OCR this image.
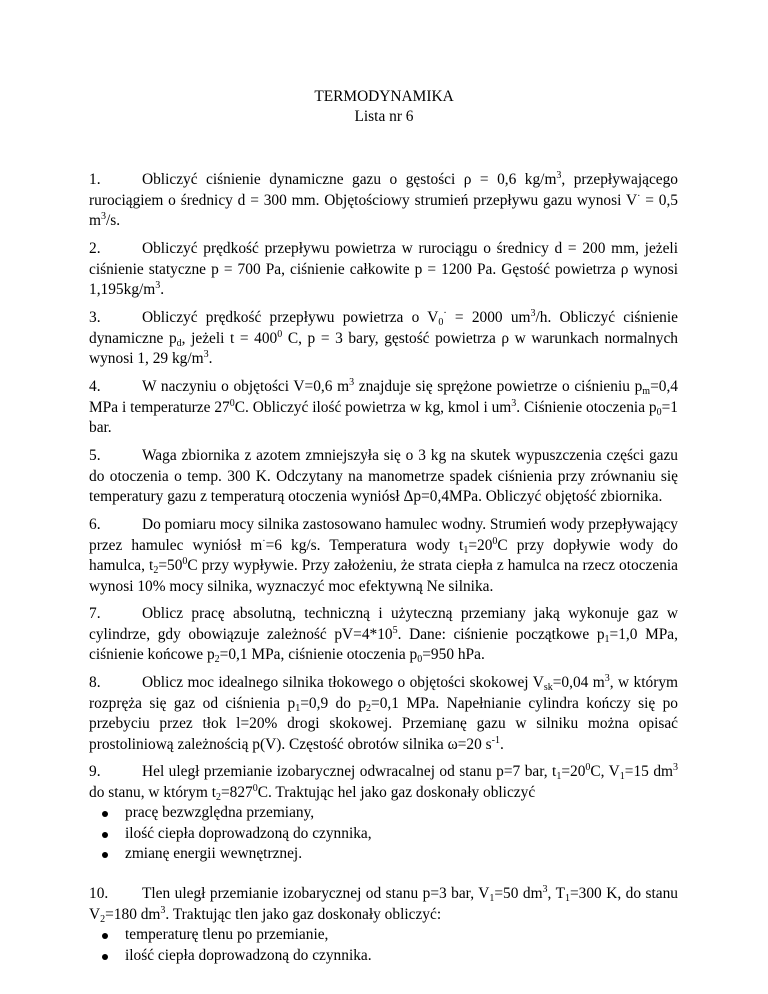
TERMODYNAMIKA
Lista nr 6
1.	Obliczyć ciśnienie dynamiczne gazu o gęstości ρ = 0,6 $kg/m^3$, przepływającego rurociągiem o średnicy d = 300 mm. Objętościowy strumień przepływu gazu wynosi V· = 0,5 $m^3/s$.
2.	Obliczyć prędkość przepływu powietrza w rurociągu o średnicy d = 200 mm, jeżeli ciśnienie statyczne p = 700 Pa, ciśnienie całkowite p = 1200 Pa. Gęstość powietrza ρ wynosi $1,195kg/m^3$.
3.	Obliczyć prędkość przepływu powietrza o $V_0^\cdot = 2000$ $um^3/h$. Obliczyć ciśnienie dynamiczne $p_d$, jeżeli $t = 400^0$ C, p = 3 bary, gęstość powietrza ρ w warunkach normalnych wynosi 1, 29 $kg/m^3$.
4.	W naczyniu o objętości V=0,6 $m^3$ znajduje się sprężone powietrze o ciśnieniu $p_m=0,4$ MPa i temperaturze $27^0C$. Obliczyć ilość powietrza w kg, kmol i $um^3$. Ciśnienie otoczenia $p_0=1$ bar.
5.	Waga zbiornika z azotem zmniejszyła się o 3 kg na skutek wypuszczenia części gazu do otoczenia o temp. 300 K. Odczytany na manometrze spadek ciśnienia przy zrównaniu się temperatury gazu z temperaturą otoczenia wyniósł Δp=0,4MPa. Obliczyć objętość zbiornika.
6.	Do pomiaru mocy silnika zastosowano hamulec wodny. Strumień wody przepływający przez hamulec wyniósł m·=6 kg/s. Temperatura wody $t_1=20^0C$ przy dopływie wody do hamulca, $t_2=50^0C$ przy wypływie. Przy założeniu, że strata ciepła z hamulca na rzecz otoczenia wynosi 10% mocy silnika, wyznaczyć moc efektywną Ne silnika.
7.	Oblicz pracę absolutną, techniczną i użyteczną przemiany jaką wykonuje gaz w cylindrze, gdy obowiązuje zależność $pV=4*10^5$. Dane: ciśnienie początkowe $p_1=1,0$ MPa, ciśnienie końcowe $p_2=0,1$ MPa, ciśnienie otoczenia $p_0=950$ hPa.
8.	Oblicz moc idealnego silnika tłokowego o objętości skokowej $V_{sk}=0,04$ $m^3$, w którym rozpręża się gaz od ciśnienia $p_1=0,9$ do $p_2=0,1$ MPa. Napełnianie cylindra kończy się po przebyciu przez tłok l=20% drogi skokowej. Przemianę gazu w silniku można opisać prostoliniową zależnością p(V). Częstość obrotów silnika ω=20 $s^{-1}$.
9.	Hel uległ przemianie izobarycznej odwracalnej od stanu p=7 bar, $t_1=20^0C$, $V_1=15$ $dm^3$ do stanu, w którym $t_2=827^0C$. Traktując hel jako gaz doskonały obliczyć
pracę bezwzględna przemiany,
ilość ciepła doprowadzoną do czynnika,
zmianę energii wewnętrznej.
10. Tlen uległ przemianie izobarycznej od stanu p=3 bar, $V_1=50$ $dm^3$, $T_1=300$ K, do stanu $V_2=180$ $dm^3$. Traktując tlen jako gaz doskonały obliczyć:
temperaturę tlenu po przemianie,
ilość ciepła doprowadzoną do czynnika.
